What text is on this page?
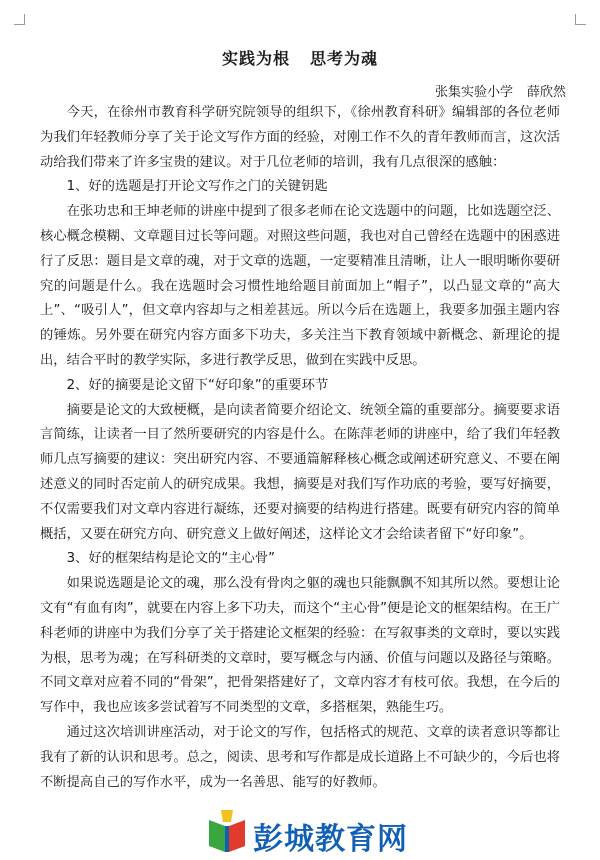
实践为根 思考为魂
张集实验小学 薛欣然

今天，在徐州市教育科学研究院领导的组织下，《徐州教育科研》编辑部的各位老师为我们年轻教师分享了关于论文写作方面的经验，对刚工作不久的青年教师而言，这次活动给我们带来了许多宝贵的建议。对于几位老师的培训，我有几点很深的感触：

1、好的选题是打开论文写作之门的关键钥匙

在张功忠和王坤老师的讲座中提到了很多老师在论文选题中的问题，比如选题空泛、核心概念模糊、文章题目过长等问题。对照这些问题，我也对自己曾经在选题中的困惑进行了反思：题目是文章的魂，对于文章的选题，一定要精准且清晰，让人一眼明晰你要研究的问题是什么。我在选题时会习惯性地给题目前面加上“帽子”，以凸显文章的“高大上”、“吸引人”，但文章内容却与之相差甚远。所以今后在选题上，我要多加强主题内容的锤炼。另外要在研究内容方面多下功夫，多关注当下教育领域中新概念、新理论的提出，结合平时的教学实际，多进行教学反思，做到在实践中反思。

2、好的摘要是论文留下“好印象”的重要环节

摘要是论文的大致梗概，是向读者简要介绍论文、统领全篇的重要部分。摘要要求语言简练，让读者一目了然所要研究的内容是什么。在陈萍老师的讲座中，给了我们年轻教师几点写摘要的建议：突出研究内容、不要通篇解释核心概念或阐述研究意义、不要在阐述意义的同时否定前人的研究成果。我想，摘要是对我们写作功底的考验，要写好摘要，不仅需要我们对文章内容进行凝练，还要对摘要的结构进行搭建。既要有研究内容的简单概括，又要在研究方向、研究意义上做好阐述，这样论文才会给读者留下“好印象”。

3、好的框架结构是论文的“主心骨”

如果说选题是论文的魂，那么没有骨肉之躯的魂也只能飘飘不知其所以然。要想让论文有“有血有肉”，就要在内容上多下功夫，而这个“主心骨”便是论文的框架结构。在王广科老师的讲座中为我们分享了关于搭建论文框架的经验：在写叙事类的文章时，要以实践为根，思考为魂；在写科研类的文章时，要写概念与内涵、价值与问题以及路径与策略。不同文章对应着不同的“骨架”，把骨架搭建好了，文章内容才有枝可依。我想，在今后的写作中，我也应该多尝试着写不同类型的文章，多搭框架，熟能生巧。

通过这次培训讲座活动，对于论文的写作，包括格式的规范、文章的读者意识等都让我有了新的认识和思考。总之，阅读、思考和写作都是成长道路上不可缺少的，今后也将不断提高自己的写作水平，成为一名善思、能写的好教师。

彭城教育网
